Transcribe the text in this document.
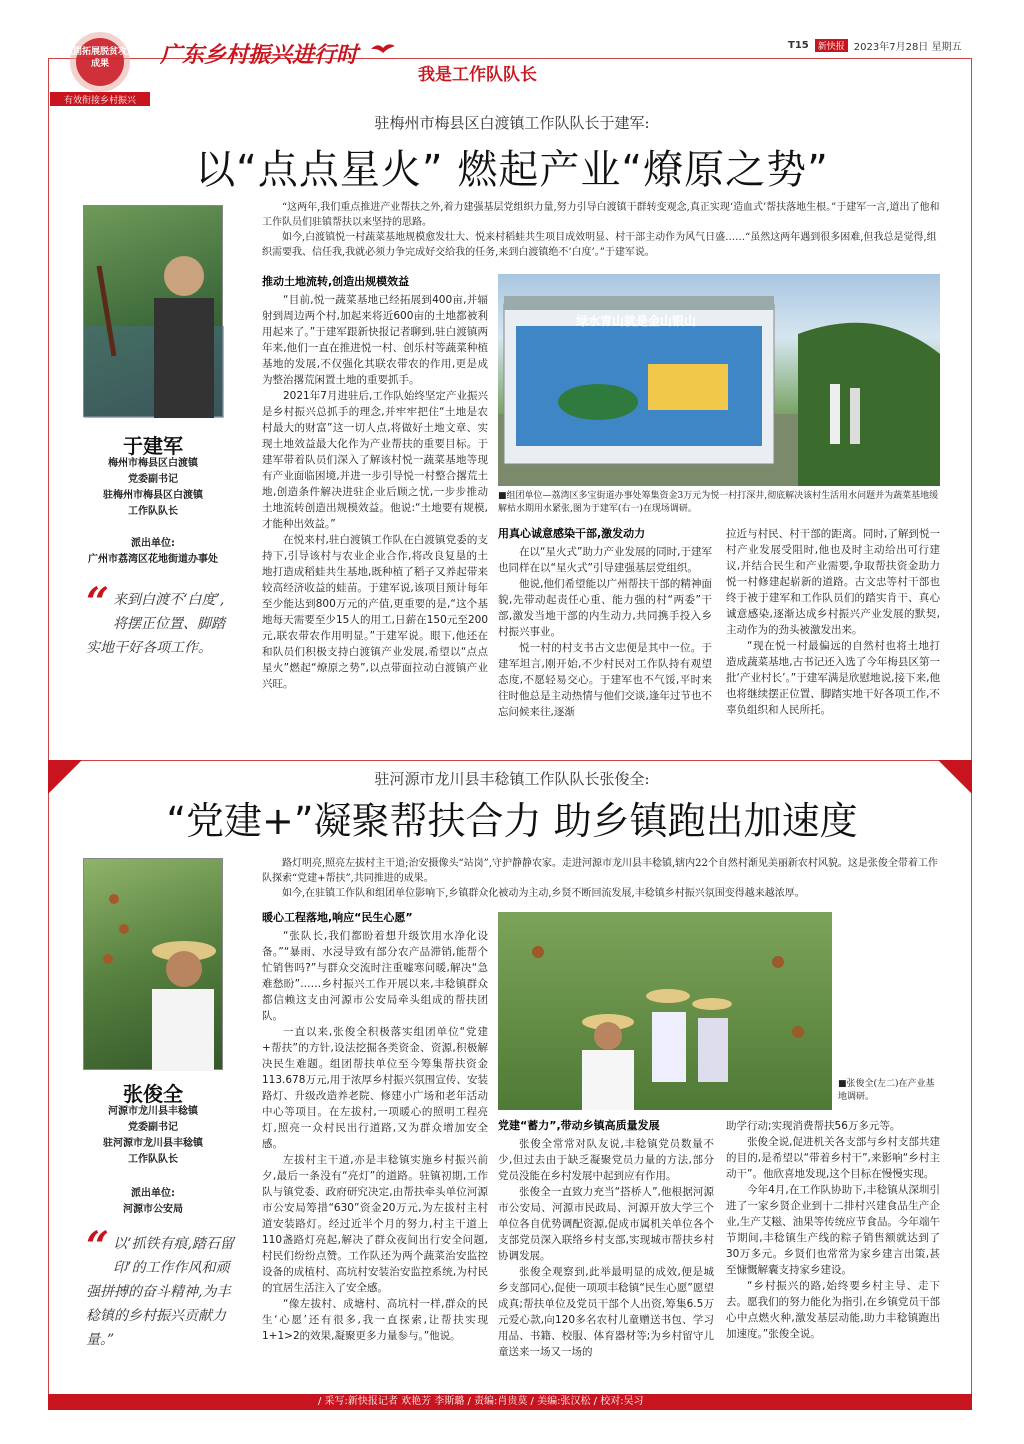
巩固拓展脱贫攻坚成果
有效衔接乡村振兴
广东乡村振兴进行时
我是工作队队长
T15	新快报 2023年7月28日 星期五
驻梅州市梅县区白渡镇工作队队长于建军:
以“点点星火” 燃起产业“燎原之势”
于建军
梅州市梅县区白渡镇
党委副书记
驻梅州市梅县区白渡镇
工作队队长
派出单位:
广州市荔湾区花地街道办事处
“ 来到白渡不‘白度’,将摆正位置、脚踏实地干好各项工作。

“这两年,我们重点推进产业帮扶之外,着力建强基层党组织力量,努力引导白渡镇干群转变观念,真正实现‘造血式’帮扶落地生根。”于建军一言,道出了他和工作队员们驻镇帮扶以来坚持的思路。

如今,白渡镇悦一村蔬菜基地规模愈发壮大、悦来村稻蛙共生项目成效明显、村干部主动作为风气日盛……“虽然这两年遇到很多困难,但我总是觉得,组织需要我、信任我,我就必须力争完成好交给我的任务,来到白渡镇绝不‘白度’。”于建军说。

推动土地流转,创造出规模效益

“目前,悦一蔬菜基地已经拓展到400亩,并辐射到周边两个村,加起来将近600亩的土地都被利用起来了。”于建军跟新快报记者聊到,驻白渡镇两年来,他们一直在推进悦一村、创乐村等蔬菜种植基地的发展,不仅强化其联农带农的作用,更是成为整治撂荒闲置土地的重要抓手。

2021年7月进驻后,工作队始终坚定产业振兴是乡村振兴总抓手的理念,并牢牢把住“土地是农村最大的财富”这一切人点,将做好土地文章、实现土地效益最大化作为产业帮扶的重要目标。于建军带着队员们深入了解该村悦一蔬菜基地等现有产业面临困境,并进一步引导悦一村整合撂荒土地,创造条件解决进驻企业后顾之忧,一步步推动土地流转创造出规模效益。他说:“土地要有规模,才能种出效益。”

在悦来村,驻白渡镇工作队在白渡镇党委的支持下,引导该村与农业企业合作,将改良复垦的土地打造成稻蛙共生基地,既种植了稻子又养起带来较高经济收益的蛙苗。于建军说,该项目预计每年至少能达到800万元的产值,更重要的是,“这个基地每天需要至少15人的用工,日薪在150元至200元,联农带农作用明显。”于建军说。眼下,他还在和队员们积极支持白渡镇产业发展,希望以“点点星火”燃起“燎原之势”,以点带面拉动白渡镇产业兴旺。

绿水青山就是金山银山
■组团单位—荔湾区多宝街道办事处筹集资金3万元为悦一村打深井,彻底解决该村生活用水问题并为蔬菜基地缓解枯水期用水紧张,图为于建军(右一)在现场调研。
用真心诚意感染干部,激发动力

在以“星火式”助力产业发展的同时,于建军也同样在以“星火式”引导建强基层党组织。

他说,他们希望能以广州帮扶干部的精神面貌,先带动起责任心重、能力强的村“两委”干部,激发当地干部的内生动力,共同携手投入乡村振兴事业。

悦一村的村支书古文忠便是其中一位。于建军坦言,刚开始,不少村民对工作队持有观望态度,不愿轻易交心。于建军也不气馁,平时来往时他总是主动热情与他们交谈,逢年过节也不忘问候来往,逐渐

拉近与村民、村干部的距离。同时,了解到悦一村产业发展受阻时,他也及时主动给出可行建议,并结合民生和产业需要,争取帮扶资金助力悦一村修建起崭新的道路。古文忠等村干部也终于被于建军和工作队员们的踏实肯干、真心诚意感染,逐渐达成乡村振兴产业发展的默契,主动作为的劲头被激发出来。

“现在悦一村最偏远的自然村也将土地打造成蔬菜基地,古书记还入选了今年梅县区第一批‘产业村长’。”于建军满是欣慰地说,接下来,他也将继续摆正位置、脚踏实地干好各项工作,不辜负组织和人民所托。

驻河源市龙川县丰稔镇工作队队长张俊全:
“党建+”凝聚帮扶合力 助乡镇跑出加速度
张俊全
河源市龙川县丰稔镇
党委副书记
驻河源市龙川县丰稔镇
工作队队长
派出单位:
河源市公安局
“ 以‘抓铁有痕,踏石留印’的工作作风和顽强拼搏的奋斗精神,为丰稔镇的乡村振兴贡献力量。”

路灯明亮,照亮左拔村主干道;治安摄像头“站岗”,守护静静农家。走进河源市龙川县丰稔镇,辖内22个自然村渐见美丽新农村风貌。这是张俊全带着工作队探索“党建+帮扶”,共同推进的成果。

如今,在驻镇工作队和组团单位影响下,乡镇群众化被动为主动,乡贤不断回流发展,丰稔镇乡村振兴氛围变得越来越浓厚。

暖心工程落地,响应“民生心愿”

“张队长,我们都盼着想升级饮用水净化设备。”“暴雨、水浸导致有部分农产品滞销,能帮个忙销售吗?”与群众交流时注重嘘寒问暖,解决“急难愁盼”……乡村振兴工作开展以来,丰稔镇群众都信赖这支由河源市公安局牵头组成的帮扶团队。

一直以来,张俊全积极落实组团单位“党建+帮扶”的方针,设法挖掘各类资金、资源,积极解决民生难题。组团帮扶单位至今筹集帮扶资金113.678万元,用于浓厚乡村振兴氛围宣传、安装路灯、升级改造养老院、修建小广场和老年活动中心等项目。在左拔村,一项暖心的照明工程亮灯,照亮一众村民出行道路,又为群众增加安全感。

左拔村主干道,亦是丰稔镇实施乡村振兴前夕,最后一条没有“亮灯”的道路。驻镇初期,工作队与镇党委、政府研究决定,由帮扶牵头单位河源市公安局筹措“630”资金20万元,为左拔村主村道安装路灯。经过近半个月的努力,村主干道上110盏路灯亮起,解决了群众夜间出行安全问题,村民们纷纷点赞。工作队还为两个蔬菜治安监控设备的成植村、高坑村安装治安监控系统,为村民的宜居生活注入了安全感。

“像左拔村、成塘村、高坑村一样,群众的民生‘心愿’还有很多,我一直探索,让帮扶实现1+1>2的效果,凝聚更多力量参与。”他说。

■张俊全(左二)在产业基地调研。
党建“蓄力”,带动乡镇高质量发展

张俊全常常对队友说,丰稔镇党员数量不少,但过去由于缺乏凝聚党员力量的方法,部分党员没能在乡村发展中起到应有作用。

张俊全一直致力充当“搭桥人”,他根据河源市公安局、河源市民政局、河源开放大学三个单位各自优势调配资源,促成市属机关单位各个支部党员深入联络乡村支部,实现城市帮扶乡村协调发展。

张俊全观察到,此举最明显的成效,便是城乡支部同心,促使一项项丰稔镇“民生心愿”愿望成真;帮扶单位及党员干部个人出资,筹集6.5万元爱心款,向120多名农村儿童赠送书包、学习用品、书籍、校服、体育器材等;为乡村留守儿童送来一场又一场的

助学行动;实现消费帮扶56万多元等。

张俊全说,促进机关各支部与乡村支部共建的目的,是希望以“带着乡村干”,来影响“乡村主动干”。他欣喜地发现,这个目标在慢慢实现。

今年4月,在工作队协助下,丰稔镇从深圳引进了一家乡贤企业到十二排村兴建食品生产企业,生产艾糍、油果等传统应节食品。今年端午节期间,丰稔镇生产线的粽子销售额就达到了30万多元。乡贤们也常常为家乡建言出策,甚至慷慨解囊支持家乡建设。

“乡村振兴的路,始终要乡村主导、走下去。愿我们的努力能化为指引,在乡镇党员干部心中点燃火种,激发基层动能,助力丰稔镇跑出加速度。”张俊全说。

/ 采写:新快报记者 欢艳芳 李斯璐 / 责编:肖贵莫 / 美编:张汉松 / 校对:吴习
